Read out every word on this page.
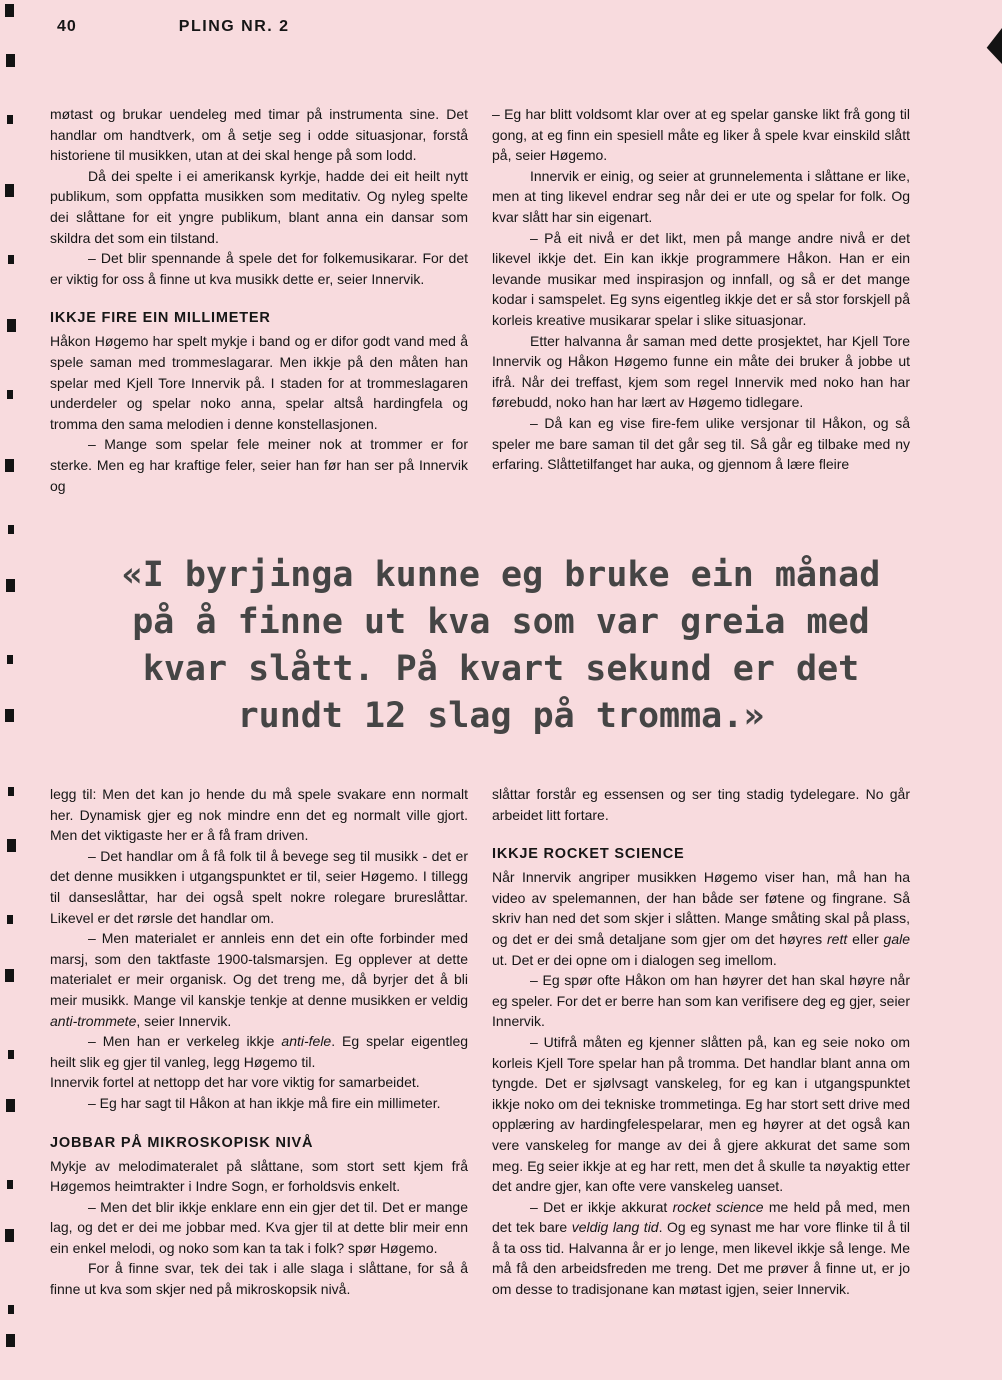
40	PLING NR. 2

møtast og brukar uendeleg med timar på instrumenta sine. Det handlar om handtverk, om å setje seg i odde situasjonar, forstå historiene til musikken, utan at dei skal henge på som lodd.

Då dei spelte i ei amerikansk kyrkje, hadde dei eit heilt nytt publikum, som oppfatta musikken som meditativ. Og nyleg spelte dei slåttane for eit yngre publikum, blant anna ein dansar som skildra det som ein tilstand.

– Det blir spennande å spele det for folkemusikarar. For det er viktig for oss å finne ut kva musikk dette er, seier Innervik.

IKKJE FIRE EIN MILLIMETER

Håkon Høgemo har spelt mykje i band og er difor godt vand med å spele saman med trommeslagarar. Men ikkje på den måten han spelar med Kjell Tore Innervik på. I staden for at trommeslagaren underdeler og spelar noko anna, spelar altså hardingfela og tromma den sama melodien i denne konstellasjonen.

– Mange som spelar fele meiner nok at trommer er for sterke. Men eg har kraftige feler, seier han før han ser på Innervik og

– Eg har blitt voldsomt klar over at eg spelar ganske likt frå gong til gong, at eg finn ein spesiell måte eg liker å spele kvar einskild slått på, seier Høgemo.

Innervik er einig, og seier at grunnelementa i slåttane er like, men at ting likevel endrar seg når dei er ute og spelar for folk. Og kvar slått har sin eigenart.

– På eit nivå er det likt, men på mange andre nivå er det likevel ikkje det. Ein kan ikkje programmere Håkon. Han er ein levande musikar med inspirasjon og innfall, og så er det mange kodar i samspelet. Eg syns eigentleg ikkje det er så stor forskjell på korleis kreative musikarar spelar i slike situasjonar.

Etter halvanna år saman med dette prosjektet, har Kjell Tore Innervik og Håkon Høgemo funne ein måte dei bruker å jobbe ut ifrå. Når dei treffast, kjem som regel Innervik med noko han har førebudd, noko han har lært av Høgemo tidlegare.

– Då kan eg vise fire-fem ulike versjonar til Håkon, og så speler me bare saman til det går seg til. Så går eg tilbake med ny erfaring. Slåttetilfanget har auka, og gjennom å lære fleire

«I byrjinga kunne eg bruke ein månad
på å finne ut kva som var greia med
kvar slått. På kvart sekund er det
rundt 12 slag på tromma.»

legg til: Men det kan jo hende du må spele svakare enn normalt her. Dynamisk gjer eg nok mindre enn det eg normalt ville gjort. Men det viktigaste her er å få fram driven.

– Det handlar om å få folk til å bevege seg til musikk - det er det denne musikken i utgangspunktet er til, seier Høgemo. I tillegg til danseslåttar, har dei også spelt nokre rolegare brureslåttar. Likevel er det rørsle det handlar om.

– Men materialet er annleis enn det ein ofte forbinder med marsj, som den taktfaste 1900-talsmarsjen. Eg opplever at dette materialet er meir organisk. Og det treng me, då byrjer det å bli meir musikk. Mange vil kanskje tenkje at denne musikken er veldig anti-trommete, seier Innervik.

– Men han er verkeleg ikkje anti-fele. Eg spelar eigentleg heilt slik eg gjer til vanleg, legg Høgemo til.

Innervik fortel at nettopp det har vore viktig for samarbeidet.

– Eg har sagt til Håkon at han ikkje må fire ein millimeter.

JOBBAR PÅ MIKROSKOPISK NIVÅ

Mykje av melodimateralet på slåttane, som stort sett kjem frå Høgemos heimtrakter i Indre Sogn, er forholdsvis enkelt.

– Men det blir ikkje enklare enn ein gjer det til. Det er mange lag, og det er dei me jobbar med. Kva gjer til at dette blir meir enn ein enkel melodi, og noko som kan ta tak i folk? spør Høgemo.

For å finne svar, tek dei tak i alle slaga i slåttane, for så å finne ut kva som skjer ned på mikroskopsik nivå.

slåttar forstår eg essensen og ser ting stadig tydelegare. No går arbeidet litt fortare.

IKKJE ROCKET SCIENCE

Når Innervik angriper musikken Høgemo viser han, må han ha video av spelemannen, der han både ser føtene og fingrane. Så skriv han ned det som skjer i slåtten. Mange småting skal på plass, og det er dei små detaljane som gjer om det høyres rett eller gale ut. Det er dei opne om i dialogen seg imellom.

– Eg spør ofte Håkon om han høyrer det han skal høyre når eg speler. For det er berre han som kan verifisere deg eg gjer, seier Innervik.

– Utifrå måten eg kjenner slåtten på, kan eg seie noko om korleis Kjell Tore spelar han på tromma. Det handlar blant anna om tyngde. Det er sjølvsagt vanskeleg, for eg kan i utgangspunktet ikkje noko om dei tekniske trommetinga. Eg har stort sett drive med opplæring av hardingfelespelarar, men eg høyrer at det også kan vere vanskeleg for mange av dei å gjere akkurat det same som meg. Eg seier ikkje at eg har rett, men det å skulle ta nøyaktig etter det andre gjer, kan ofte vere vanskeleg uanset.

– Det er ikkje akkurat rocket science me held på med, men det tek bare veldig lang tid. Og eg synast me har vore flinke til å til å ta oss tid. Halvanna år er jo lenge, men likevel ikkje så lenge. Me må få den arbeidsfreden me treng. Det me prøver å finne ut, er jo om desse to tradisjonane kan møtast igjen, seier Innervik.
